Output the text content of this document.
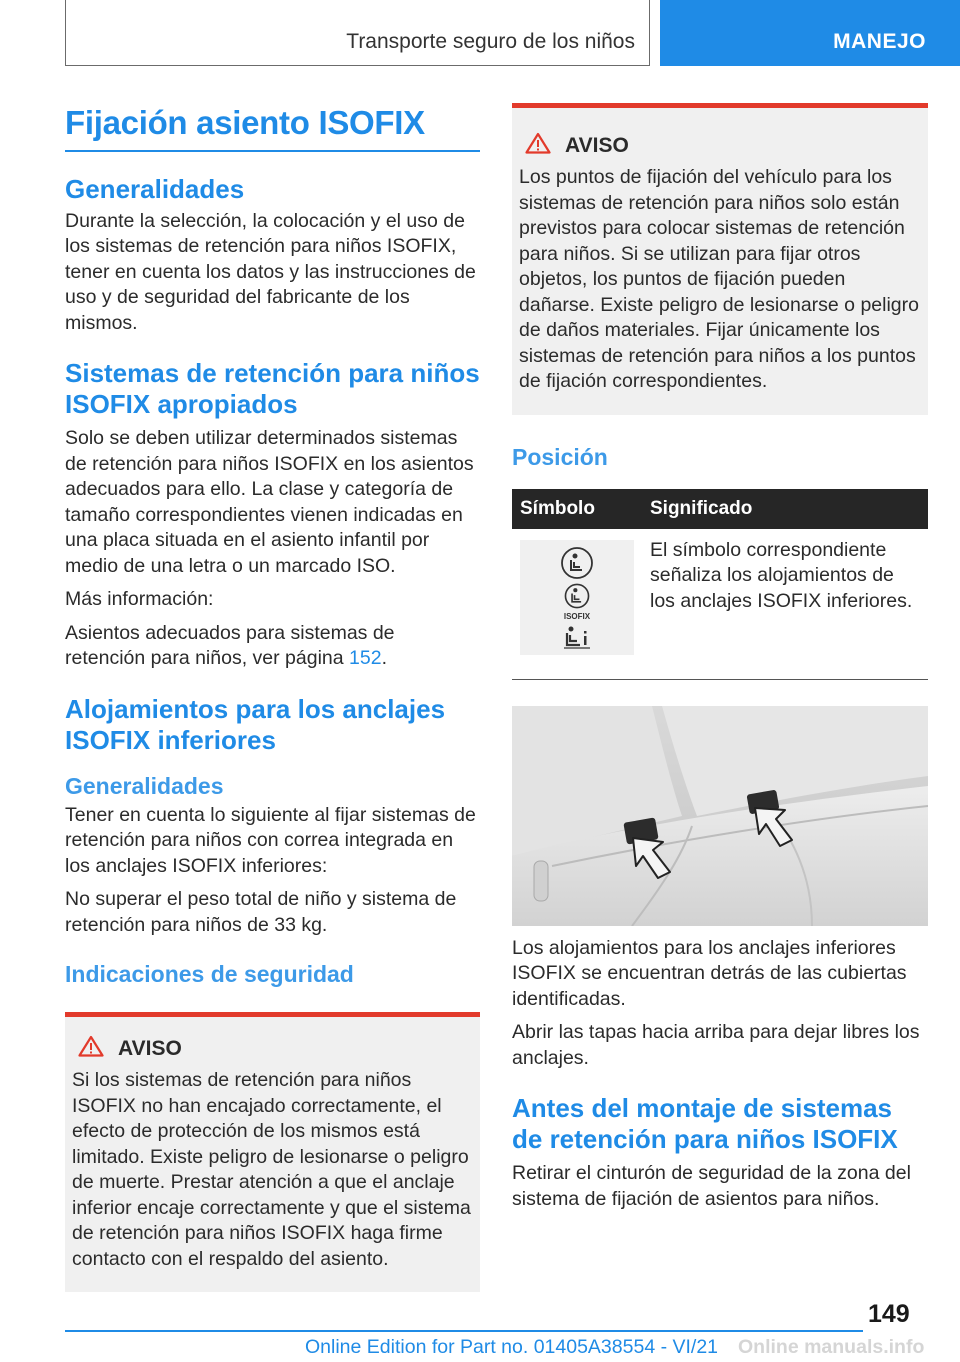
Transporte seguro de los niños	MANEJO
Fijación asiento ISOFIX
Generalidades
Durante la selección, la colocación y el uso de los sistemas de retención para niños ISOFIX, tener en cuenta los datos y las instrucciones de uso y de seguridad del fabricante de los mismos.
Sistemas de retención para niños ISOFIX apropiados
Solo se deben utilizar determinados sistemas de retención para niños ISOFIX en los asientos adecuados para ello. La clase y categoría de tamaño correspondientes vienen indicadas en una placa situada en el asiento infantil por medio de una letra o un marcado ISO.
Más información:
Asientos adecuados para sistemas de retención para niños, ver página 152.
Alojamientos para los anclajes ISOFIX inferiores
Generalidades
Tener en cuenta lo siguiente al fijar sistemas de retención para niños con correa integrada en los anclajes ISOFIX inferiores:
No superar el peso total de niño y sistema de retención para niños de 33 kg.
Indicaciones de seguridad
AVISO
Si los sistemas de retención para niños ISOFIX no han encajado correctamente, el efecto de protección de los mismos está limitado. Existe peligro de lesionarse o peligro de muerte. Prestar atención a que el anclaje inferior encaje correctamente y que el sistema de retención para niños ISOFIX haga firme contacto con el respaldo del asiento.
AVISO
Los puntos de fijación del vehículo para los sistemas de retención para niños solo están previstos para colocar sistemas de retención para niños. Si se utilizan para fijar otros objetos, los puntos de fijación pueden dañarse. Existe peligro de lesionarse o peligro de daños materiales. Fijar únicamente los sistemas de retención para niños a los puntos de fijación correspondientes.
Posición
Símbolo	Significado

ISOFIX	El símbolo correspondiente señaliza los alojamientos de los anclajes ISOFIX inferiores.
Los alojamientos para los anclajes inferiores ISOFIX se encuentran detrás de las cubiertas identificadas.
Abrir las tapas hacia arriba para dejar libres los anclajes.
Antes del montaje de sistemas de retención para niños ISOFIX
Retirar el cinturón de seguridad de la zona del sistema de fijación de asientos para niños.
149
Online Edition for Part no. 01405A38554 - VI/21 Online manuals.info
